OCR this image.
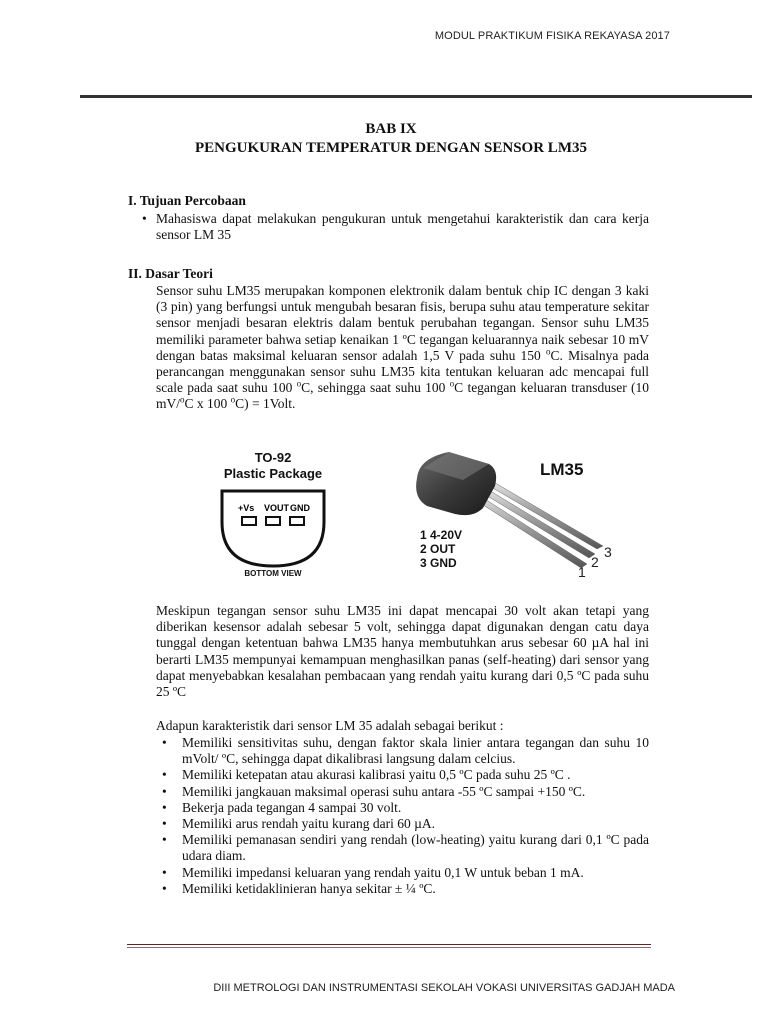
MODUL PRAKTIKUM FISIKA REKAYASA 2017
BAB IX
PENGUKURAN TEMPERATUR DENGAN SENSOR LM35
I. Tujuan Percobaan
• Mahasiswa dapat melakukan pengukuran untuk mengetahui karakteristik dan cara kerja sensor LM 35
II. Dasar Teori

Sensor suhu LM35 merupakan komponen elektronik dalam bentuk chip IC dengan 3 kaki (3 pin) yang berfungsi untuk mengubah besaran fisis, berupa suhu atau temperature sekitar sensor menjadi besaran elektris dalam bentuk perubahan tegangan. Sensor suhu LM35 memiliki parameter bahwa setiap kenaikan 1 ºC tegangan keluarannya naik sebesar 10 mV dengan batas maksimal keluaran sensor adalah 1,5 V pada suhu 150 $^o$C. Misalnya pada perancangan menggunakan sensor suhu LM35 kita tentukan keluaran adc mencapai full scale pada saat suhu 100 $^o$C, sehingga saat suhu 100 $^o$C tegangan keluaran transduser (10 mV/$^o$C x 100 $^o$C) = 1Volt.

TO-92
Plastic Package
+Vs VOUT GND
BOTTOM VIEW
LM35
1 4-20V
2 OUT
3 GND
1
2
3

Meskipun tegangan sensor suhu LM35 ini dapat mencapai 30 volt akan tetapi yang diberikan kesensor adalah sebesar 5 volt, sehingga dapat digunakan dengan catu daya tunggal dengan ketentuan bahwa LM35 hanya membutuhkan arus sebesar 60 µA hal ini berarti LM35 mempunyai kemampuan menghasilkan panas (self-heating) dari sensor yang dapat menyebabkan kesalahan pembacaan yang rendah yaitu kurang dari 0,5 ºC pada suhu 25 ºC

Adapun karakteristik dari sensor LM 35 adalah sebagai berikut :

• Memiliki sensitivitas suhu, dengan faktor skala linier antara tegangan dan suhu 10 mVolt/ ºC, sehingga dapat dikalibrasi langsung dalam celcius.
• Memiliki ketepatan atau akurasi kalibrasi yaitu 0,5 ºC pada suhu 25 ºC .
• Memiliki jangkauan maksimal operasi suhu antara -55 ºC sampai +150 ºC.
• Bekerja pada tegangan 4 sampai 30 volt.
• Memiliki arus rendah yaitu kurang dari 60 µA.
• Memiliki pemanasan sendiri yang rendah (low-heating) yaitu kurang dari 0,1 ºC pada udara diam.
• Memiliki impedansi keluaran yang rendah yaitu 0,1 W untuk beban 1 mA.
• Memiliki ketidaklinieran hanya sekitar ± ¼ ºC.
DIII METROLOGI DAN INSTRUMENTASI SEKOLAH VOKASI UNIVERSITAS GADJAH MADA
